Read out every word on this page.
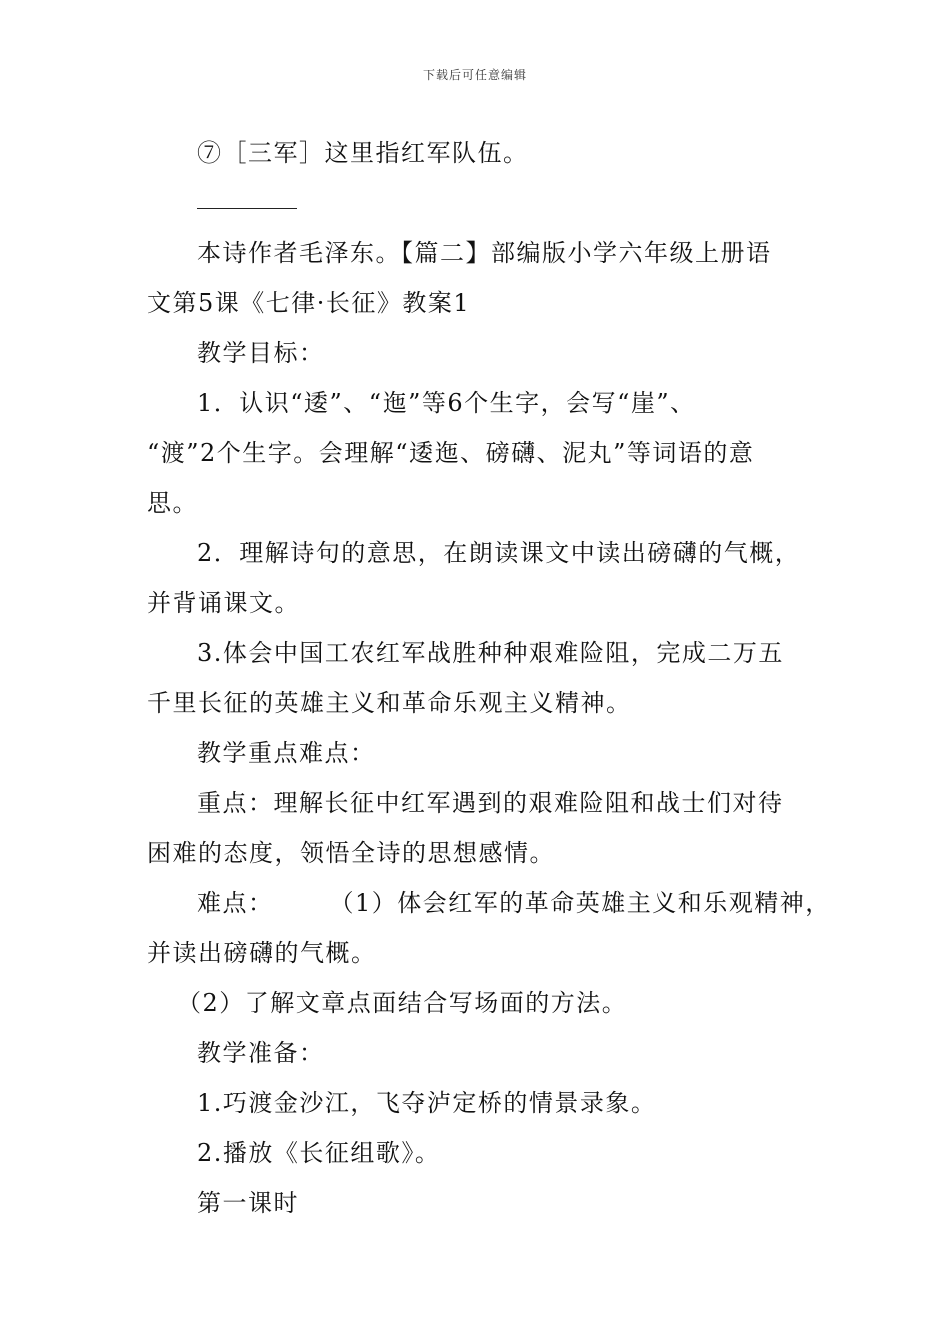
下载后可任意编辑
⑦［三军］这里指红军队伍。
本诗作者毛泽东。【篇二】部编版小学六年级上册语
文第5课《七律·长征》教案1
教学目标：
1．认识“逶”、“迤”等6个生字，会写“崖”、
“渡”2个生字。会理解“逶迤、磅礴、泥丸”等词语的意
思。
2．理解诗句的意思，在朗读课文中读出磅礴的气概，
并背诵课文。
3.体会中国工农红军战胜种种艰难险阻，完成二万五
千里长征的英雄主义和革命乐观主义精神。
教学重点难点：
重点：理解长征中红军遇到的艰难险阻和战士们对待
困难的态度，领悟全诗的思想感情。
难点： （1）体会红军的革命英雄主义和乐观精神，
并读出磅礴的气概。
（2）了解文章点面结合写场面的方法。
教学准备：
1.巧渡金沙江，飞夺泸定桥的情景录象。
2.播放《长征组歌》。
第一课时
